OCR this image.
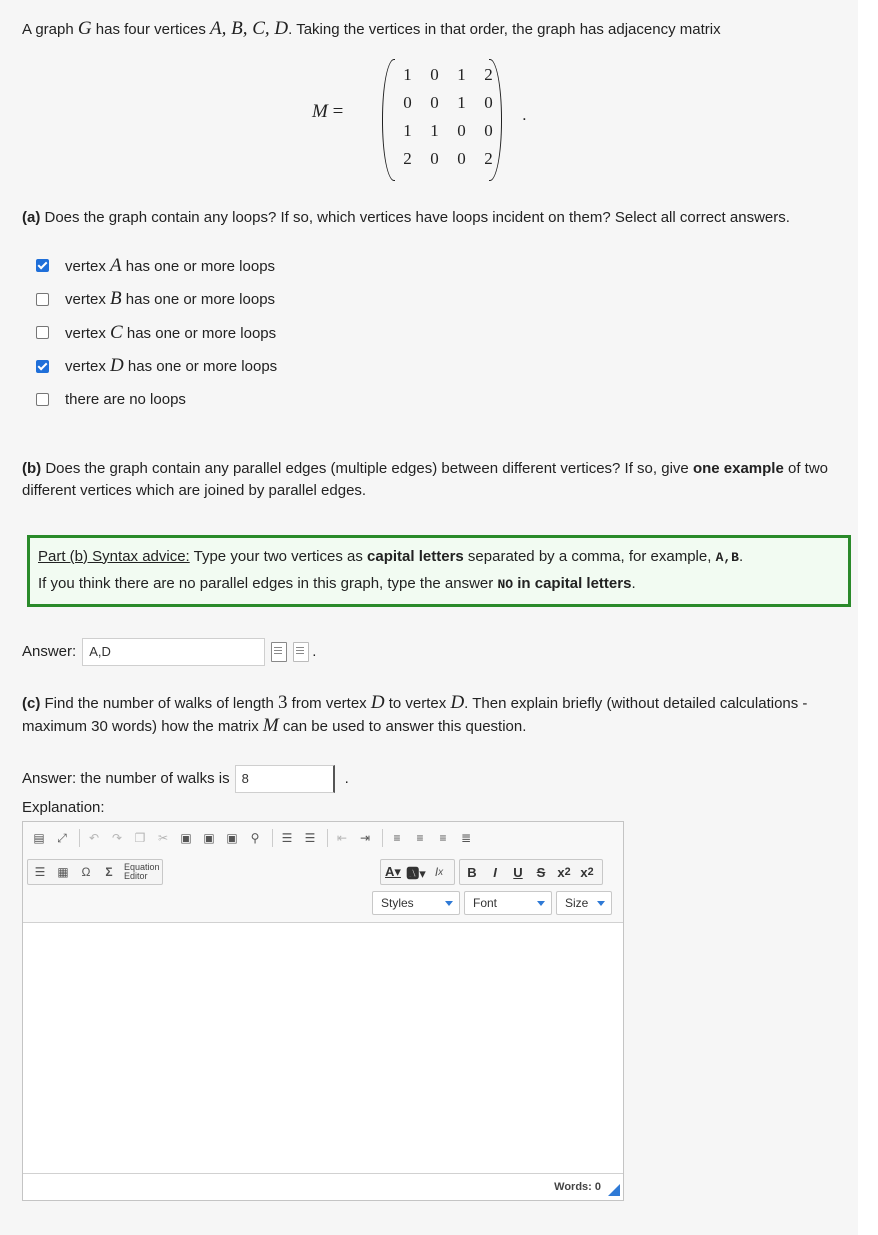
A graph G has four vertices A, B, C, D. Taking the vertices in that order, the graph has adjacency matrix

M =
1	0	1	2
0	0	1	0
1	1	0	0
2	0	0	2
.

(a) Does the graph contain any loops? If so, which vertices have loops incident on them? Select all correct answers.

vertex A has one or more loops
vertex B has one or more loops
vertex C has one or more loops
vertex D has one or more loops
there are no loops

(b) Does the graph contain any parallel edges (multiple edges) between different vertices? If so, give one example of two different vertices which are joined by parallel edges.

Part (b) Syntax advice: Type your two vertices as capital letters separated by a comma, for example, A,B.
If you think there are no parallel edges in this graph, type the answer NO in capital letters.
Answer:	A,D	.

(c) Find the number of walks of length 3 from vertex D to vertex D. Then explain briefly (without detailed calculations - maximum 30 words) how the matrix M can be used to answer this question.

Answer: the number of walks is 8	.

Explanation:

▤	⤢	↶	↷	❐	✂	▣ ▣ ▣	⚲	☰	☰	⇤	⇥	≡	≡	≡	≣
☰ ▦	Ω	Σ	Equation
Editor	A▾ 🅰▾ I x	B	I	U	S x 2 x 2
Styles	Font	Size
Words: 0
